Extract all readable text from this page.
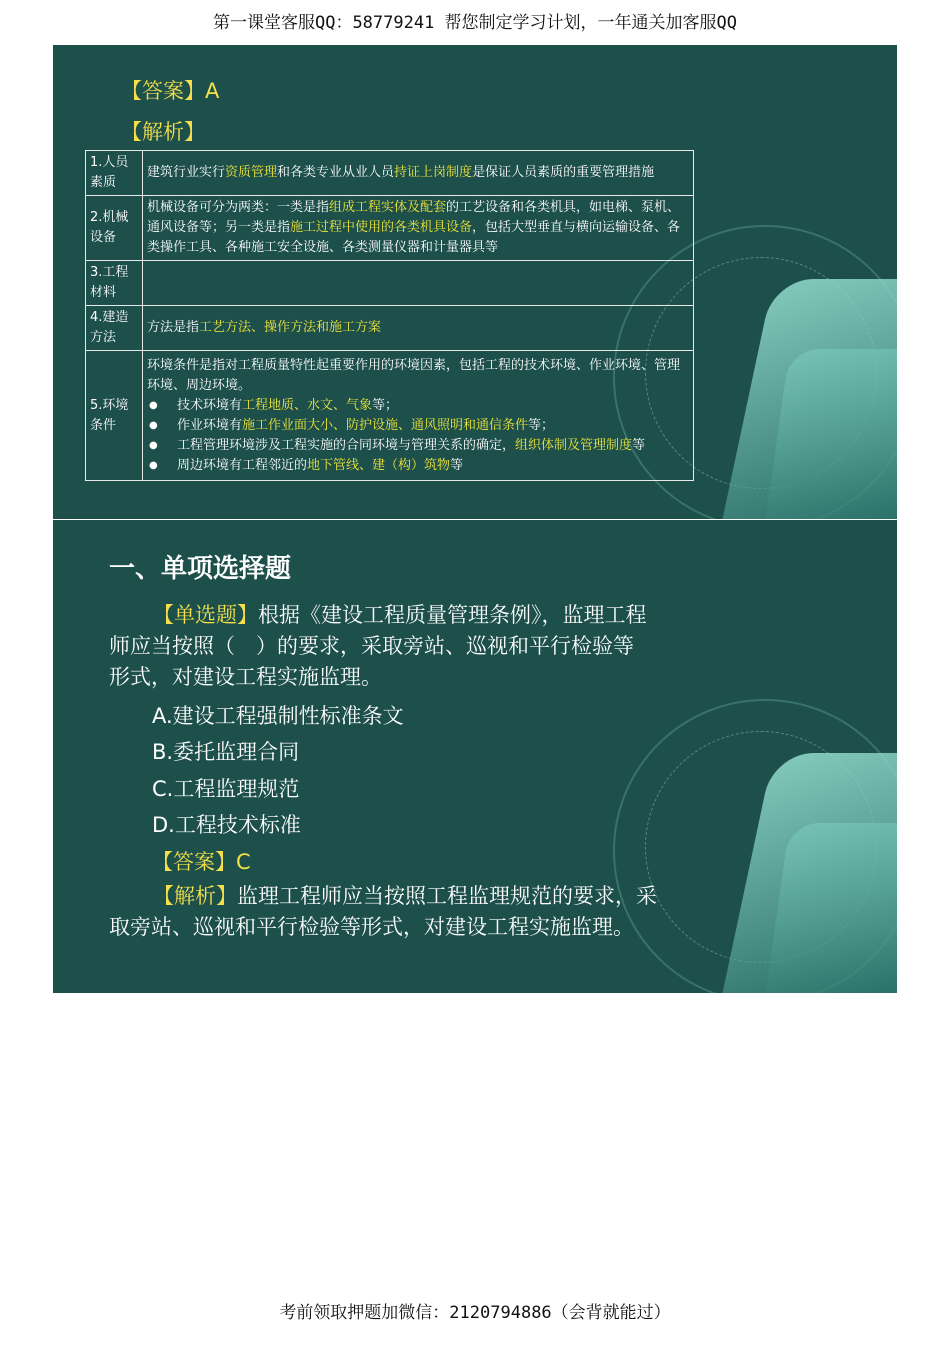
第一课堂客服QQ：58779241 帮您制定学习计划，一年通关加客服QQ
【答案】A
【解析】
1.人员素质	建筑行业实行资质管理和各类专业从业人员持证上岗制度是保证人员素质的重要管理措施
2.机械设备	机械设备可分为两类：一类是指组成工程实体及配套的工艺设备和各类机具，如电梯、泵机、通风设备等；另一类是指施工过程中使用的各类机具设备，包括大型垂直与横向运输设备、各类操作工具、各种施工安全设施、各类测量仪器和计量器具等
3.工程材料	
4.建造方法	方法是指工艺方法、操作方法和施工方案
5.环境条件	环境条件是指对工程质量特性起重要作用的环境因素，包括工程的技术环境、作业环境、管理环境、周边环境。
● 技术环境有工程地质、水文、气象等；
● 作业环境有施工作业面大小、防护设施、通风照明和通信条件等；
● 工程管理环境涉及工程实施的合同环境与管理关系的确定，组织体制及管理制度等
● 周边环境有工程邻近的地下管线、建（构）筑物等
一、单项选择题
【单选题】根据《建设工程质量管理条例》，监理工程师应当按照（　）的要求，采取旁站、巡视和平行检验等形式，对建设工程实施监理。
A.建设工程强制性标准条文
B.委托监理合同
C.工程监理规范
D.工程技术标准
【答案】C
【解析】监理工程师应当按照工程监理规范的要求，采取旁站、巡视和平行检验等形式，对建设工程实施监理。
考前领取押题加微信：2120794886（会背就能过）
